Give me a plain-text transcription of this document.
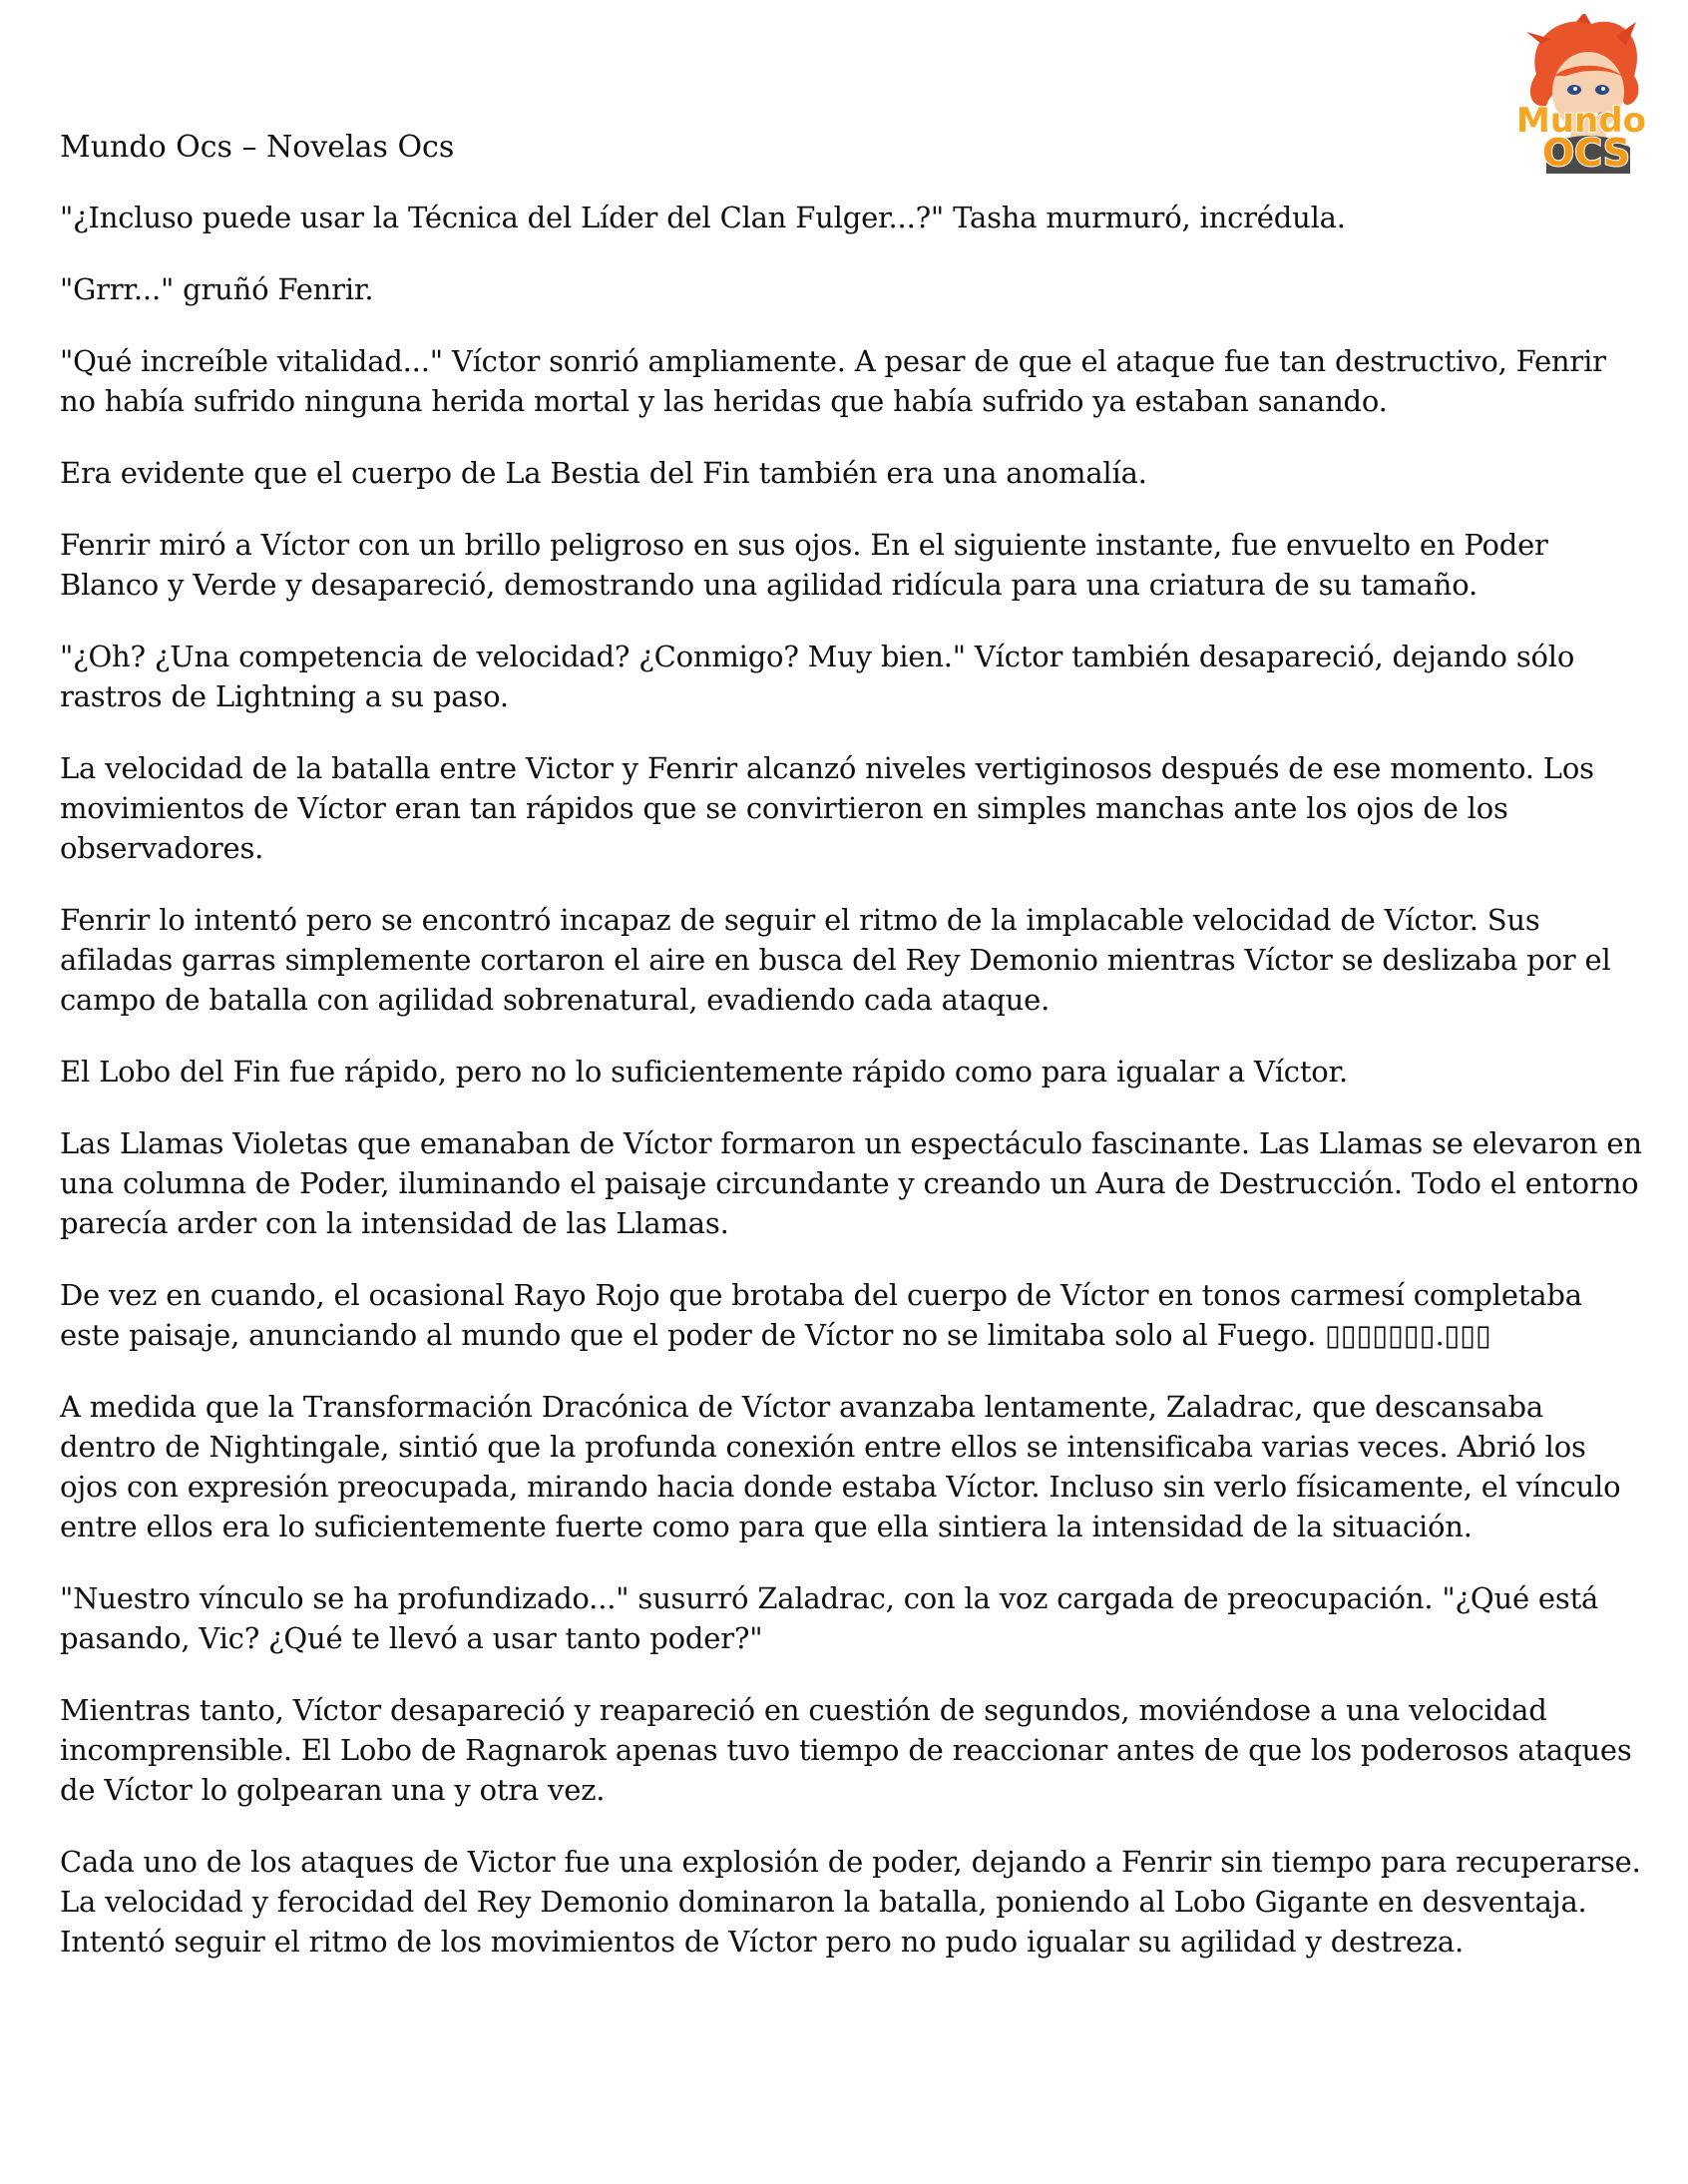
Mundo
OCS
Mundo Ocs – Novelas Ocs

"¿Incluso puede usar la Técnica del Líder del Clan Fulger...?" Tasha murmuró, incrédula.

"Grrr..." gruñó Fenrir.

"Qué increíble vitalidad..." Víctor sonrió ampliamente. A pesar de que el ataque fue tan destructivo, Fenrir no había sufrido ninguna herida mortal y las heridas que había sufrido ya estaban sanando.

Era evidente que el cuerpo de La Bestia del Fin también era una anomalía.

Fenrir miró a Víctor con un brillo peligroso en sus ojos. En el siguiente instante, fue envuelto en Poder Blanco y Verde y desapareció, demostrando una agilidad ridícula para una criatura de su tamaño.

"¿Oh? ¿Una competencia de velocidad? ¿Conmigo? Muy bien." Víctor también desapareció, dejando sólo rastros de Lightning a su paso.

La velocidad de la batalla entre Victor y Fenrir alcanzó niveles vertiginosos después de ese momento. Los movimientos de Víctor eran tan rápidos que se convirtieron en simples manchas ante los ojos de los observadores.

Fenrir lo intentó pero se encontró incapaz de seguir el ritmo de la implacable velocidad de Víctor. Sus afiladas garras simplemente cortaron el aire en busca del Rey Demonio mientras Víctor se deslizaba por el campo de batalla con agilidad sobrenatural, evadiendo cada ataque.

El Lobo del Fin fue rápido, pero no lo suficientemente rápido como para igualar a Víctor.

Las Llamas Violetas que emanaban de Víctor formaron un espectáculo fascinante. Las Llamas se elevaron en una columna de Poder, iluminando el paisaje circundante y creando un Aura de Destrucción. Todo el entorno parecía arder con la intensidad de las Llamas.

De vez en cuando, el ocasional Rayo Rojo que brotaba del cuerpo de Víctor en tonos carmesí completaba este paisaje, anunciando al mundo que el poder de Víctor no se limitaba solo al Fuego. ▯▯▯▯▯▯▯.▯▯▯

A medida que la Transformación Dracónica de Víctor avanzaba lentamente, Zaladrac, que descansaba dentro de Nightingale, sintió que la profunda conexión entre ellos se intensificaba varias veces. Abrió los ojos con expresión preocupada, mirando hacia donde estaba Víctor. Incluso sin verlo físicamente, el vínculo entre ellos era lo suficientemente fuerte como para que ella sintiera la intensidad de la situación.

"Nuestro vínculo se ha profundizado..." susurró Zaladrac, con la voz cargada de preocupación. "¿Qué está pasando, Vic? ¿Qué te llevó a usar tanto poder?"

Mientras tanto, Víctor desapareció y reapareció en cuestión de segundos, moviéndose a una velocidad incomprensible. El Lobo de Ragnarok apenas tuvo tiempo de reaccionar antes de que los poderosos ataques de Víctor lo golpearan una y otra vez.

Cada uno de los ataques de Victor fue una explosión de poder, dejando a Fenrir sin tiempo para recuperarse. La velocidad y ferocidad del Rey Demonio dominaron la batalla, poniendo al Lobo Gigante en desventaja. Intentó seguir el ritmo de los movimientos de Víctor pero no pudo igualar su agilidad y destreza.
